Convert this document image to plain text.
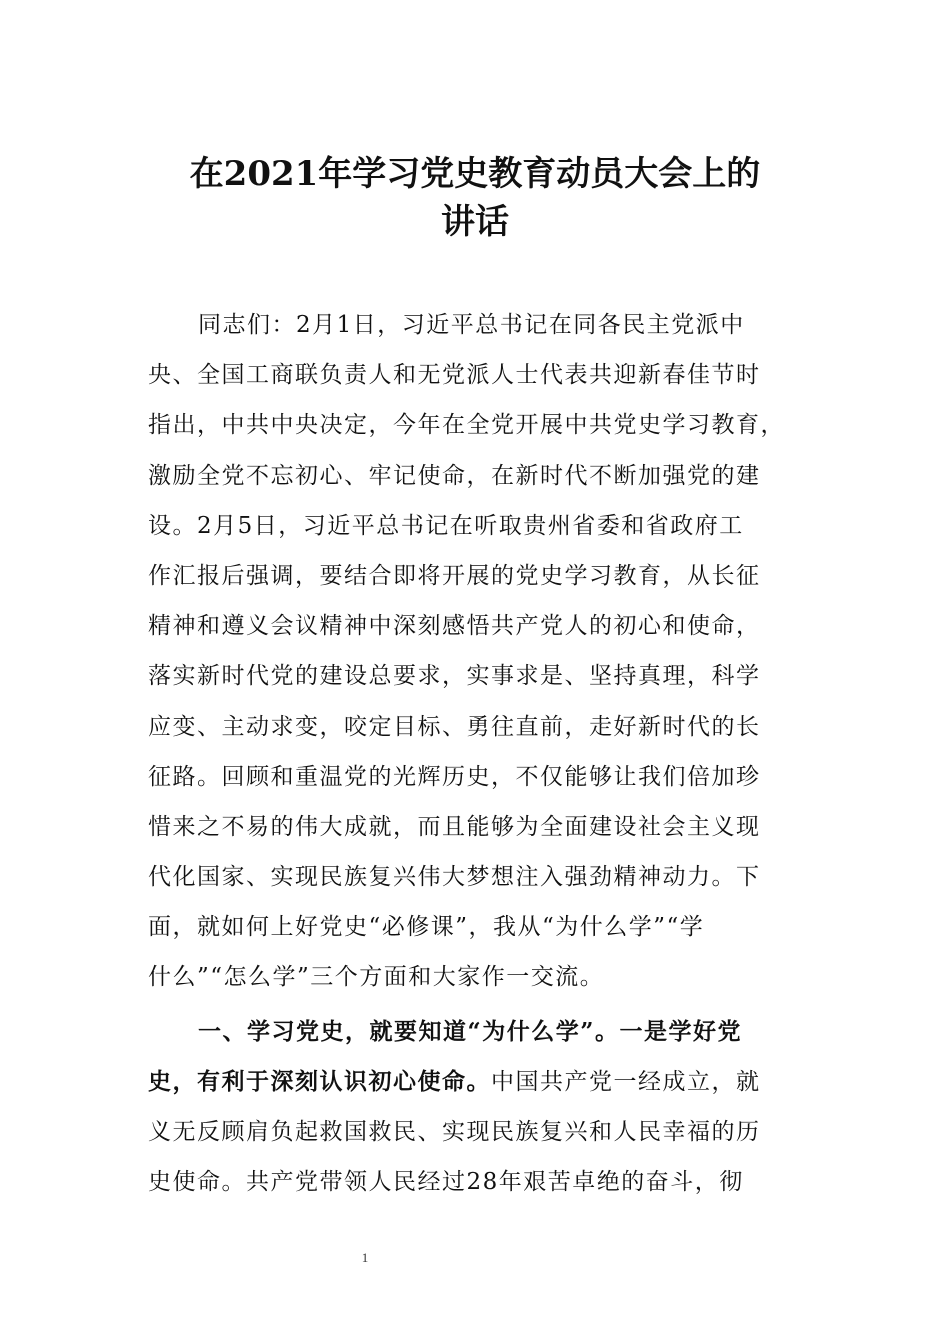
在2021年学习党史教育动员大会上的
讲话
同志们：2月1日，习近平总书记在同各民主党派中
央、全国工商联负责人和无党派人士代表共迎新春佳节时
指出，中共中央决定，今年在全党开展中共党史学习教育，
激励全党不忘初心、牢记使命，在新时代不断加强党的建
设。2月5日，习近平总书记在听取贵州省委和省政府工
作汇报后强调，要结合即将开展的党史学习教育，从长征
精神和遵义会议精神中深刻感悟共产党人的初心和使命，
落实新时代党的建设总要求，实事求是、坚持真理，科学
应变、主动求变，咬定目标、勇往直前，走好新时代的长
征路。回顾和重温党的光辉历史，不仅能够让我们倍加珍
惜来之不易的伟大成就，而且能够为全面建设社会主义现
代化国家、实现民族复兴伟大梦想注入强劲精神动力。下
面，就如何上好党史“必修课”，我从“为什么学”“学
什么”“怎么学”三个方面和大家作一交流。
一、学习党史，就要知道“为什么学”。一是学好党
史，有利于深刻认识初心使命。中国共产党一经成立，就
义无反顾肩负起救国救民、实现民族复兴和人民幸福的历
史使命。共产党带领人民经过28年艰苦卓绝的奋斗，彻
1
